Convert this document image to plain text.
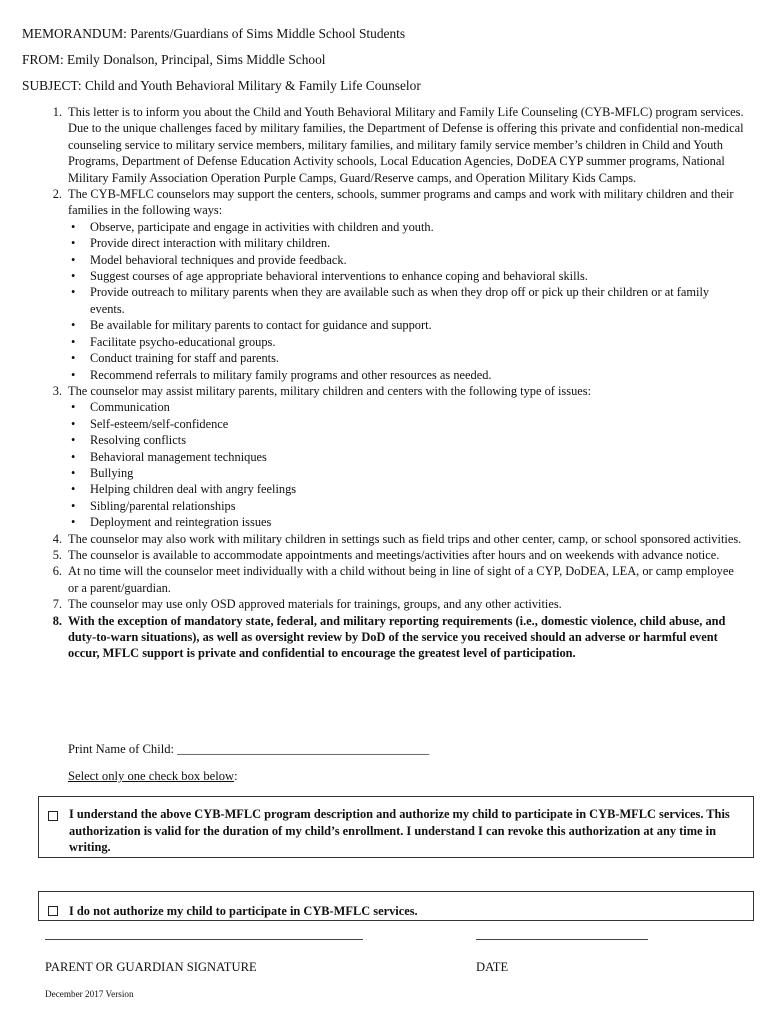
MEMORANDUM: Parents/Guardians of Sims Middle School Students
FROM: Emily Donalson, Principal, Sims Middle School
SUBJECT: Child and Youth Behavioral Military & Family Life Counselor
1. This letter is to inform you about the Child and Youth Behavioral Military and Family Life Counseling (CYB-MFLC) program services. Due to the unique challenges faced by military families, the Department of Defense is offering this private and confidential non-medical counseling service to military service members, military families, and military family service member’s children in Child and Youth Programs, Department of Defense Education Activity schools, Local Education Agencies, DoDEA CYP summer programs, National Military Family Association Operation Purple Camps, Guard/Reserve camps, and Operation Military Kids Camps.
2. The CYB-MFLC counselors may support the centers, schools, summer programs and camps and work with military children and their families in the following ways:
• Observe, participate and engage in activities with children and youth.
• Provide direct interaction with military children.
• Model behavioral techniques and provide feedback.
• Suggest courses of age appropriate behavioral interventions to enhance coping and behavioral skills.
• Provide outreach to military parents when they are available such as when they drop off or pick up their children or at family events.
• Be available for military parents to contact for guidance and support.
• Facilitate psycho-educational groups.
• Conduct training for staff and parents.
• Recommend referrals to military family programs and other resources as needed.
3. The counselor may assist military parents, military children and centers with the following type of issues:
• Communication
• Self-esteem/self-confidence
• Resolving conflicts
• Behavioral management techniques
• Bullying
• Helping children deal with angry feelings
• Sibling/parental relationships
• Deployment and reintegration issues
4. The counselor may also work with military children in settings such as field trips and other center, camp, or school sponsored activities.
5. The counselor is available to accommodate appointments and meetings/activities after hours and on weekends with advance notice.
6. At no time will the counselor meet individually with a child without being in line of sight of a CYP, DoDEA, LEA, or camp employee or a parent/guardian.
7. The counselor may use only OSD approved materials for trainings, groups, and any other activities.
8. With the exception of mandatory state, federal, and military reporting requirements (i.e., domestic violence, child abuse, and duty-to-warn situations), as well as oversight review by DoD of the service you received should an adverse or harmful event occur, MFLC support is private and confidential to encourage the greatest level of participation.
Print Name of Child: ________________________________________
Select only one check box below:
I understand the above CYB-MFLC program description and authorize my child to participate in CYB-MFLC services. This authorization is valid for the duration of my child’s enrollment. I understand I can revoke this authorization at any time in writing.
I do not authorize my child to participate in CYB-MFLC services.
PARENT OR GUARDIAN SIGNATURE	DATE
December 2017 Version
